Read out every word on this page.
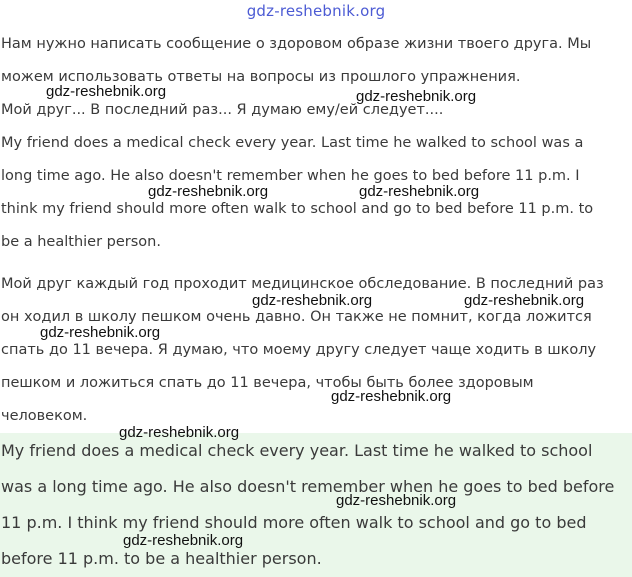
gdz-reshebnik.org
Нам нужно написать сообщение о здоровом образе жизни твоего друга. Мы
можем использовать ответы на вопросы из прошлого упражнения.
Мой друг... В последний раз... Я думаю ему/ей следует....
My friend does a medical check every year. Last time he walked to school was a
long time ago. He also doesn't remember when he goes to bed before 11 p.m. I
think my friend should more often walk to school and go to bed before 11 p.m. to
be a healthier person.
Мой друг каждый год проходит медицинское обследование. В последний раз
он ходил в школу пешком очень давно. Он также не помнит, когда ложится
спать до 11 вечера. Я думаю, что моему другу следует чаще ходить в школу
пешком и ложиться спать до 11 вечера, чтобы быть более здоровым
человеком.
My friend does a medical check every year. Last time he walked to school
was a long time ago. He also doesn't remember when he goes to bed before
11 p.m. I think my friend should more often walk to school and go to bed
before 11 p.m. to be a healthier person.
gdz-reshebnik.org	gdz-reshebnik.org
gdz-reshebnik.org	gdz-reshebnik.org
gdz-reshebnik.org	gdz-reshebnik.org
gdz-reshebnik.org
gdz-reshebnik.org
gdz-reshebnik.org
gdz-reshebnik.org
gdz-reshebnik.org
